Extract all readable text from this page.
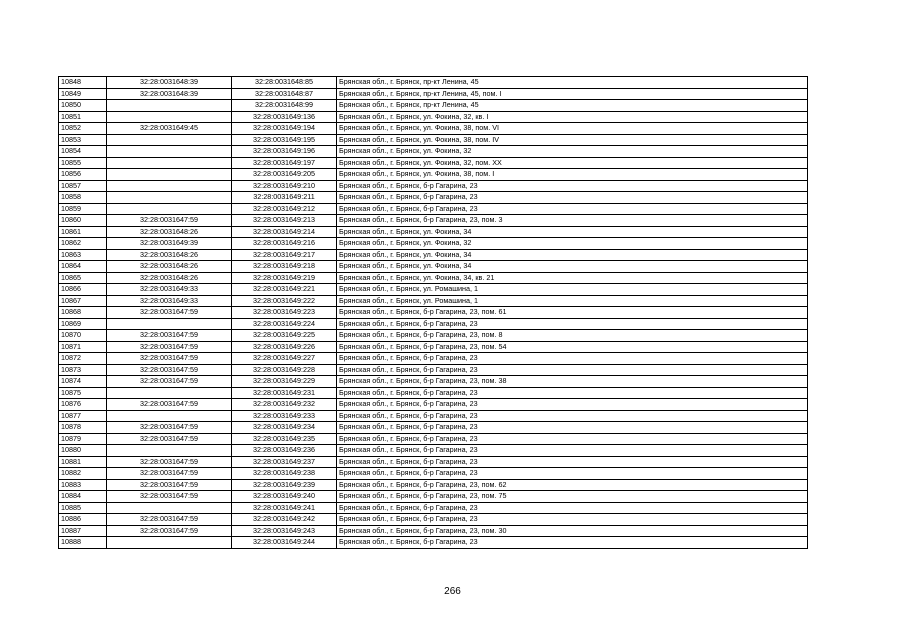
10848	32:28:0031648:39	32:28:0031648:85	Брянская обл., г. Брянск, пр-кт Ленина, 45
10849	32:28:0031648:39	32:28:0031648:87	Брянская обл., г. Брянск, пр-кт Ленина, 45, пом. I
10850		32:28:0031648:99	Брянская обл., г. Брянск, пр-кт Ленина, 45
10851		32:28:0031649:136	Брянская обл., г. Брянск, ул. Фокина, 32, кв. I
10852	32:28:0031649:45	32:28:0031649:194	Брянская обл., г. Брянск, ул. Фокина, 38, пом. VI
10853		32:28:0031649:195	Брянская обл., г. Брянск, ул. Фокина, 38, пом. IV
10854		32:28:0031649:196	Брянская обл., г. Брянск, ул. Фокина, 32
10855		32:28:0031649:197	Брянская обл., г. Брянск, ул. Фокина, 32, пом. XX
10856		32:28:0031649:205	Брянская обл., г. Брянск, ул. Фокина, 38, пом. I
10857		32:28:0031649:210	Брянская обл., г. Брянск, б-р Гагарина, 23
10858		32:28:0031649:211	Брянская обл., г. Брянск, б-р Гагарина, 23
10859		32:28:0031649:212	Брянская обл., г. Брянск, б-р Гагарина, 23
10860	32:28:0031647:59	32:28:0031649:213	Брянская обл., г. Брянск, б-р Гагарина, 23, пом. 3
10861	32:28:0031648:26	32:28:0031649:214	Брянская обл., г. Брянск, ул. Фокина, 34
10862	32:28:0031649:39	32:28:0031649:216	Брянская обл., г. Брянск, ул. Фокина, 32
10863	32:28:0031648:26	32:28:0031649:217	Брянская обл., г. Брянск, ул. Фокина, 34
10864	32:28:0031648:26	32:28:0031649:218	Брянская обл., г. Брянск, ул. Фокина, 34
10865	32:28:0031648:26	32:28:0031649:219	Брянская обл., г. Брянск, ул. Фокина, 34, кв. 21
10866	32:28:0031649:33	32:28:0031649:221	Брянская обл., г. Брянск, ул. Ромашина, 1
10867	32:28:0031649:33	32:28:0031649:222	Брянская обл., г. Брянск, ул. Ромашина, 1
10868	32:28:0031647:59	32:28:0031649:223	Брянская обл., г. Брянск, б-р Гагарина, 23, пом. 61
10869		32:28:0031649:224	Брянская обл., г. Брянск, б-р Гагарина, 23
10870	32:28:0031647:59	32:28:0031649:225	Брянская обл., г. Брянск, б-р Гагарина, 23, пом. 8
10871	32:28:0031647:59	32:28:0031649:226	Брянская обл., г. Брянск, б-р Гагарина, 23, пом. 54
10872	32:28:0031647:59	32:28:0031649:227	Брянская обл., г. Брянск, б-р Гагарина, 23
10873	32:28:0031647:59	32:28:0031649:228	Брянская обл., г. Брянск, б-р Гагарина, 23
10874	32:28:0031647:59	32:28:0031649:229	Брянская обл., г. Брянск, б-р Гагарина, 23, пом. 38
10875		32:28:0031649:231	Брянская обл., г. Брянск, б-р Гагарина, 23
10876	32:28:0031647:59	32:28:0031649:232	Брянская обл., г. Брянск, б-р Гагарина, 23
10877		32:28:0031649:233	Брянская обл., г. Брянск, б-р Гагарина, 23
10878	32:28:0031647:59	32:28:0031649:234	Брянская обл., г. Брянск, б-р Гагарина, 23
10879	32:28:0031647:59	32:28:0031649:235	Брянская обл., г. Брянск, б-р Гагарина, 23
10880		32:28:0031649:236	Брянская обл., г. Брянск, б-р Гагарина, 23
10881	32:28:0031647:59	32:28:0031649:237	Брянская обл., г. Брянск, б-р Гагарина, 23
10882	32:28:0031647:59	32:28:0031649:238	Брянская обл., г. Брянск, б-р Гагарина, 23
10883	32:28:0031647:59	32:28:0031649:239	Брянская обл., г. Брянск, б-р Гагарина, 23, пом. 62
10884	32:28:0031647:59	32:28:0031649:240	Брянская обл., г. Брянск, б-р Гагарина, 23, пом. 75
10885		32:28:0031649:241	Брянская обл., г. Брянск, б-р Гагарина, 23
10886	32:28:0031647:59	32:28:0031649:242	Брянская обл., г. Брянск, б-р Гагарина, 23
10887	32:28:0031647:59	32:28:0031649:243	Брянская обл., г. Брянск, б-р Гагарина, 23, пом. 30
10888		32:28:0031649:244	Брянская обл., г. Брянск, б-р Гагарина, 23
266
